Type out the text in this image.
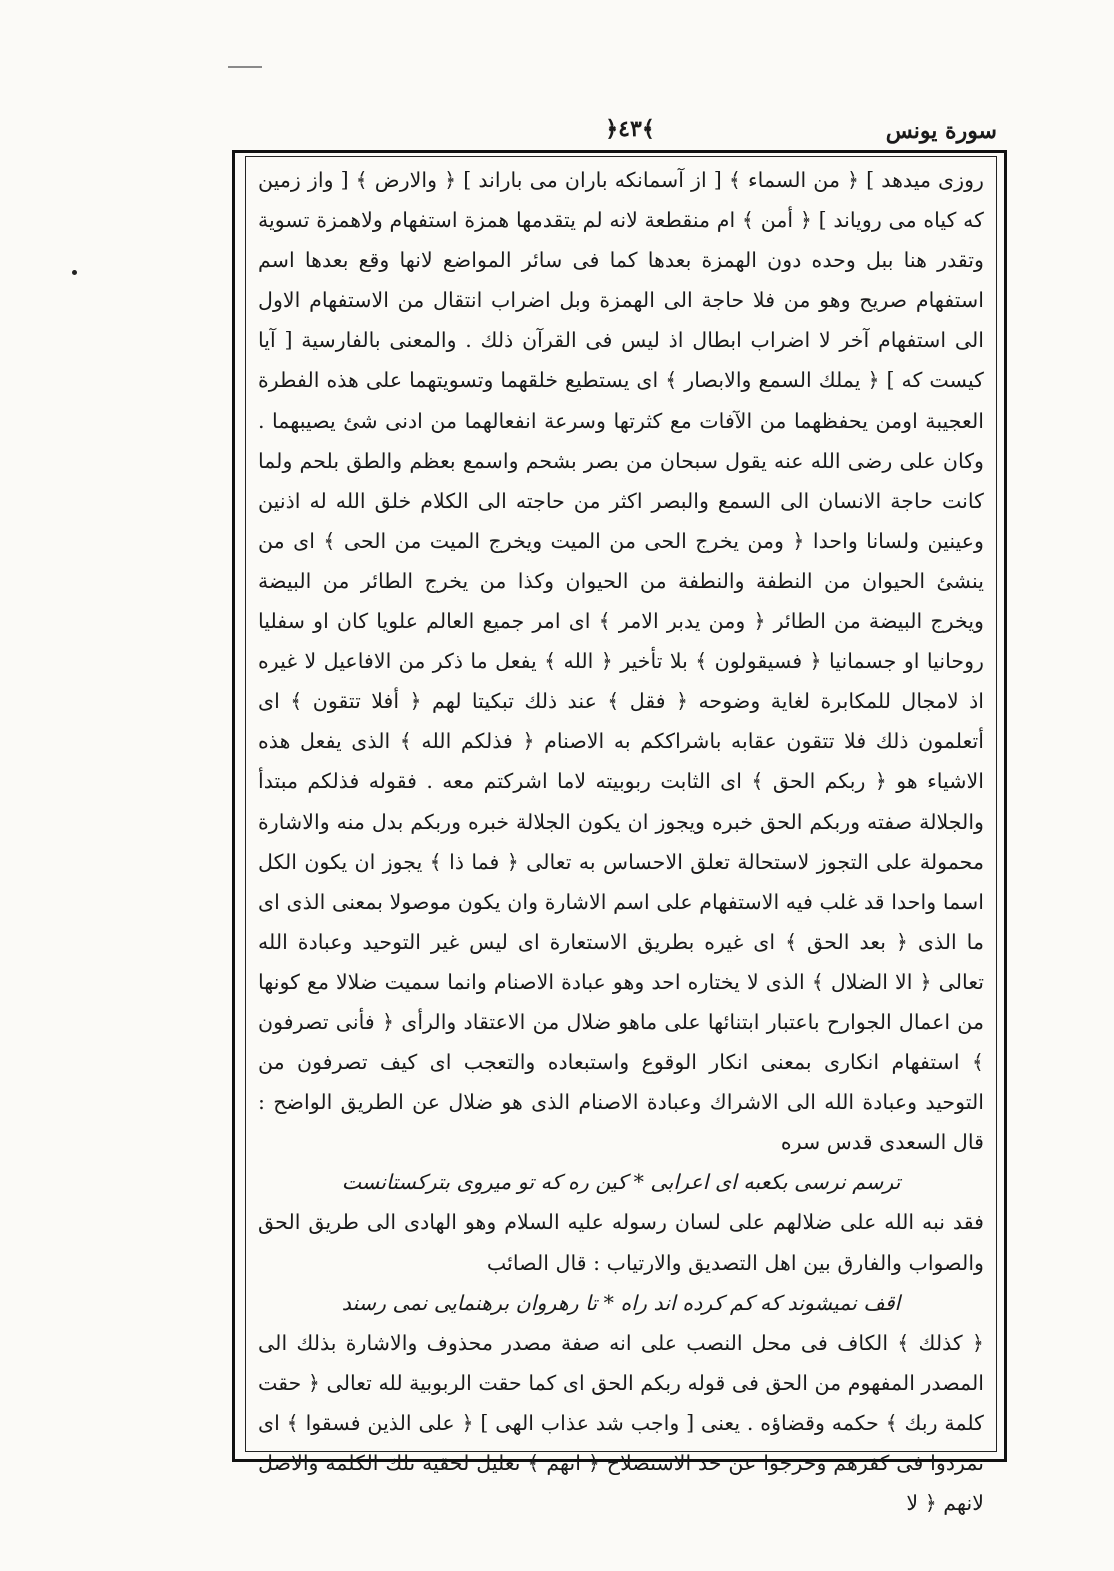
سورة يونس
﴿٤٣﴾

روزى ميدهد ] ﴿ من السماء ﴾ [ از آسمانكه باران مى باراند ] ﴿ والارض ﴾ [ واز زمين كه كياه مى روياند ] ﴿ أمن ﴾ ام منقطعة لانه لم يتقدمها همزة استفهام ولاهمزة تسوية وتقدر هنا ببل وحده دون الهمزة بعدها كما فى سائر المواضع لانها وقع بعدها اسم استفهام صريح وهو من فلا حاجة الى الهمزة وبل اضراب انتقال من الاستفهام الاول الى استفهام آخر لا اضراب ابطال اذ ليس فى القرآن ذلك . والمعنى بالفارسية [ آيا كيست كه ] ﴿ يملك السمع والابصار ﴾ اى يستطيع خلقهما وتسويتهما على هذه الفطرة العجيبة اومن يحفظهما من الآفات مع كثرتها وسرعة انفعالهما من ادنى شئ يصيبهما . وكان على رضى الله عنه يقول سبحان من بصر بشحم واسمع بعظم والطق بلحم ولما كانت حاجة الانسان الى السمع والبصر اكثر من حاجته الى الكلام خلق الله له اذنين وعينين ولسانا واحدا ﴿ ومن يخرج الحى من الميت ويخرج الميت من الحى ﴾ اى من ينشئ الحيوان من النطفة والنطفة من الحيوان وكذا من يخرج الطائر من البيضة ويخرج البيضة من الطائر ﴿ ومن يدبر الامر ﴾ اى امر جميع العالم علويا كان او سفليا روحانيا او جسمانيا ﴿ فسيقولون ﴾ بلا تأخير ﴿ الله ﴾ يفعل ما ذكر من الافاعيل لا غيره اذ لامجال للمكابرة لغاية وضوحه ﴿ فقل ﴾ عند ذلك تبكيتا لهم ﴿ أفلا تتقون ﴾ اى أتعلمون ذلك فلا تتقون عقابه باشراككم به الاصنام ﴿ فذلكم الله ﴾ الذى يفعل هذه الاشياء هو ﴿ ربكم الحق ﴾ اى الثابت ربوبيته لاما اشركتم معه . فقوله فذلكم مبتدأ والجلالة صفته وربكم الحق خبره ويجوز ان يكون الجلالة خبره وربكم بدل منه والاشارة محمولة على التجوز لاستحالة تعلق الاحساس به تعالى ﴿ فما ذا ﴾ يجوز ان يكون الكل اسما واحدا قد غلب فيه الاستفهام على اسم الاشارة وان يكون موصولا بمعنى الذى اى ما الذى ﴿ بعد الحق ﴾ اى غيره بطريق الاستعارة اى ليس غير التوحيد وعبادة الله تعالى ﴿ الا الضلال ﴾ الذى لا يختاره احد وهو عبادة الاصنام وانما سميت ضلالا مع كونها من اعمال الجوارح باعتبار ابتنائها على ماهو ضلال من الاعتقاد والرأى ﴿ فأنى تصرفون ﴾ استفهام انكارى بمعنى انكار الوقوع واستبعاده والتعجب اى كيف تصرفون من التوحيد وعبادة الله الى الاشراك وعبادة الاصنام الذى هو ضلال عن الطريق الواضح : قال السعدى قدس سره

ترسم نرسى بكعبه اى اعرابى * كين ره كه تو ميروى بتركستانست

فقد نبه الله على ضلالهم على لسان رسوله عليه السلام وهو الهادى الى طريق الحق والصواب والفارق بين اهل التصديق والارتياب : قال الصائب

اقف نميشوند كه كم كرده اند راه * تا رهروان برهنمايى نمى رسند

﴿ كذلك ﴾ الكاف فى محل النصب على انه صفة مصدر محذوف والاشارة بذلك الى المصدر المفهوم من الحق فى قوله ربكم الحق اى كما حقت الربوبية لله تعالى ﴿ حقت كلمة ربك ﴾ حكمه وقضاؤه . يعنى [ واجب شد عذاب الهى ] ﴿ على الذين فسقوا ﴾ اى تمردوا فى كفرهم وخرجوا عن حد الاستصلاح ﴿ انهم ﴾ تعليل لحقية تلك الكلمة والاصل لانهم ﴿ لا
